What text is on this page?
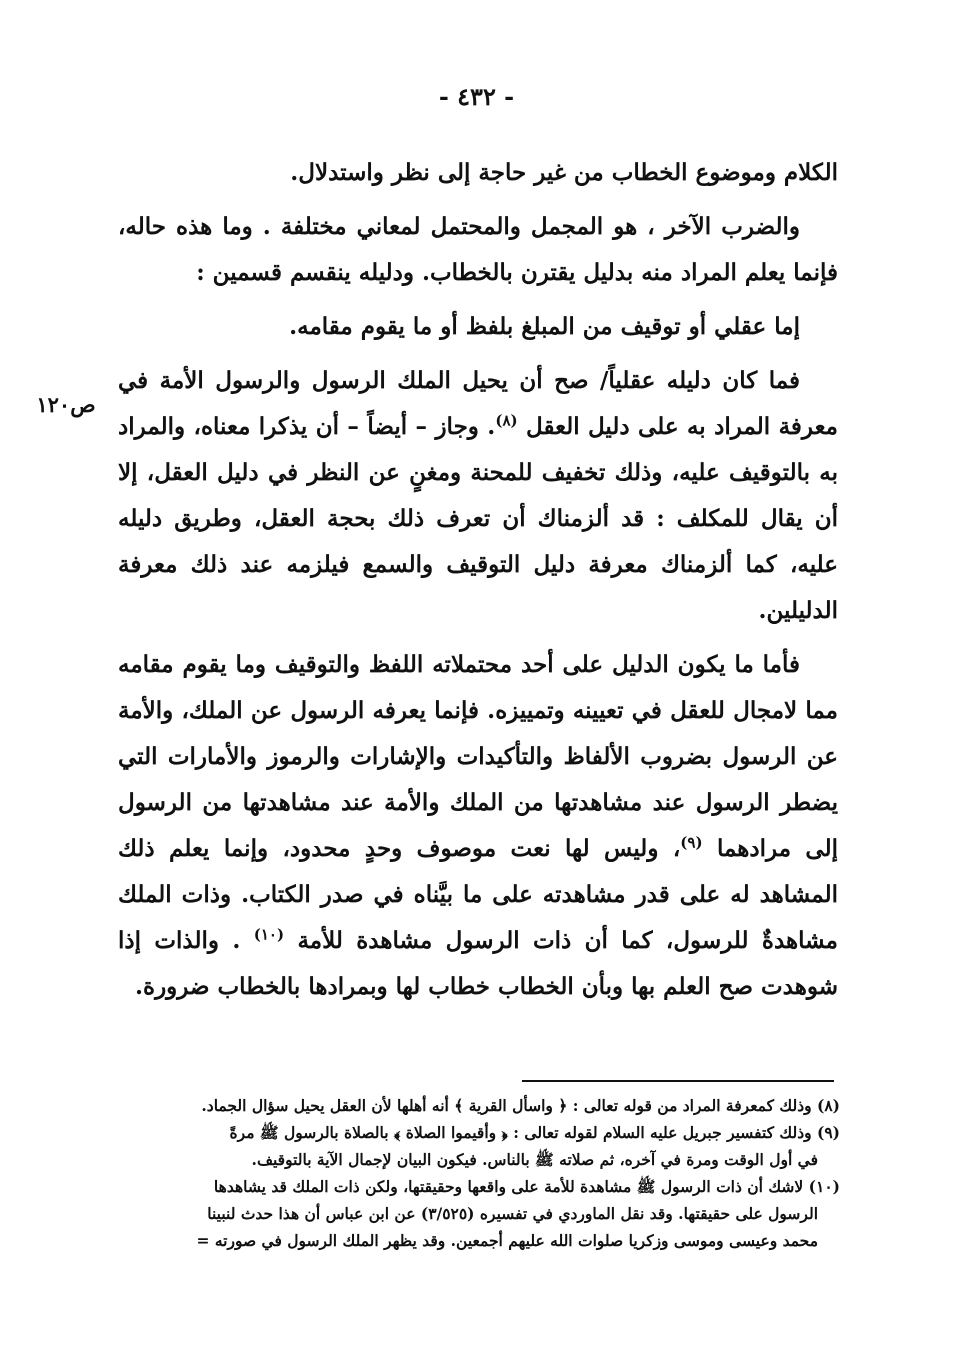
- ٤٣٢ -
ص١٢٠

الكلام وموضوع الخطاب من غير حاجة إلى نظر واستدلال.

والضرب الآخر ، هو المجمل والمحتمل لمعاني مختلفة . وما هذه حاله، فإنما يعلم المراد منه بدليل يقترن بالخطاب. ودليله ينقسم قسمين :

إما عقلي أو توقيف من المبلغ بلفظ أو ما يقوم مقامه.

فما كان دليله عقلياً/ صح أن يحيل الملك الرسول والرسول الأمة في معرفة المراد به على دليل العقل $^{(٨)}$. وجاز – أيضاً – أن يذكرا معناه، والمراد به بالتوقيف عليه، وذلك تخفيف للمحنة ومغنٍ عن النظر في دليل العقل، إلا أن يقال للمكلف : قد ألزمناك أن تعرف ذلك بحجة العقل، وطريق دليله عليه، كما ألزمناك معرفة دليل التوقيف والسمع فيلزمه عند ذلك معرفة الدليلين.

فأما ما يكون الدليل على أحد محتملاته اللفظ والتوقيف وما يقوم مقامه مما لامجال للعقل في تعيينه وتمييزه. فإنما يعرفه الرسول عن الملك، والأمة عن الرسول بضروب الألفاظ والتأكيدات والإشارات والرموز والأمارات التي يضطر الرسول عند مشاهدتها من الملك والأمة عند مشاهدتها من الرسول إلى مرادهما $^{(٩)}$، وليس لها نعت موصوف وحدٍ محدود، وإنما يعلم ذلك المشاهد له على قدر مشاهدته على ما بيَّناه في صدر الكتاب. وذات الملك مشاهدةٌ للرسول، كما أن ذات الرسول مشاهدة للأمة $^{(١٠)}$ . والذات إذا شوهدت صح العلم بها وبأن الخطاب خطاب لها وبمرادها بالخطاب ضرورة.

(٨) وذلك كمعرفة المراد من قوله تعالى : ﴿ واسأل القرية ﴾ أنه أهلها لأن العقل يحيل سؤال الجماد.

(٩) وذلك كتفسير جبريل عليه السلام لقوله تعالى : ﴿ وأقيموا الصلاة ﴾ بالصلاة بالرسول ﷺ مرةً

في أول الوقت ومرة في آخره، ثم صلاته ﷺ بالناس. فيكون البيان لإجمال الآية بالتوقيف.

(١٠) لاشك أن ذات الرسول ﷺ مشاهدة للأمة على واقعها وحقيقتها، ولكن ذات الملك قد يشاهدها

الرسول على حقيقتها. وقد نقل الماوردي في تفسيره (٣/٥٢٥) عن ابن عباس أن هذا حدث لنبينا

محمد وعيسى وموسى وزكريا صلوات الله عليهم أجمعين. وقد يظهر الملك الرسول في صورته =
